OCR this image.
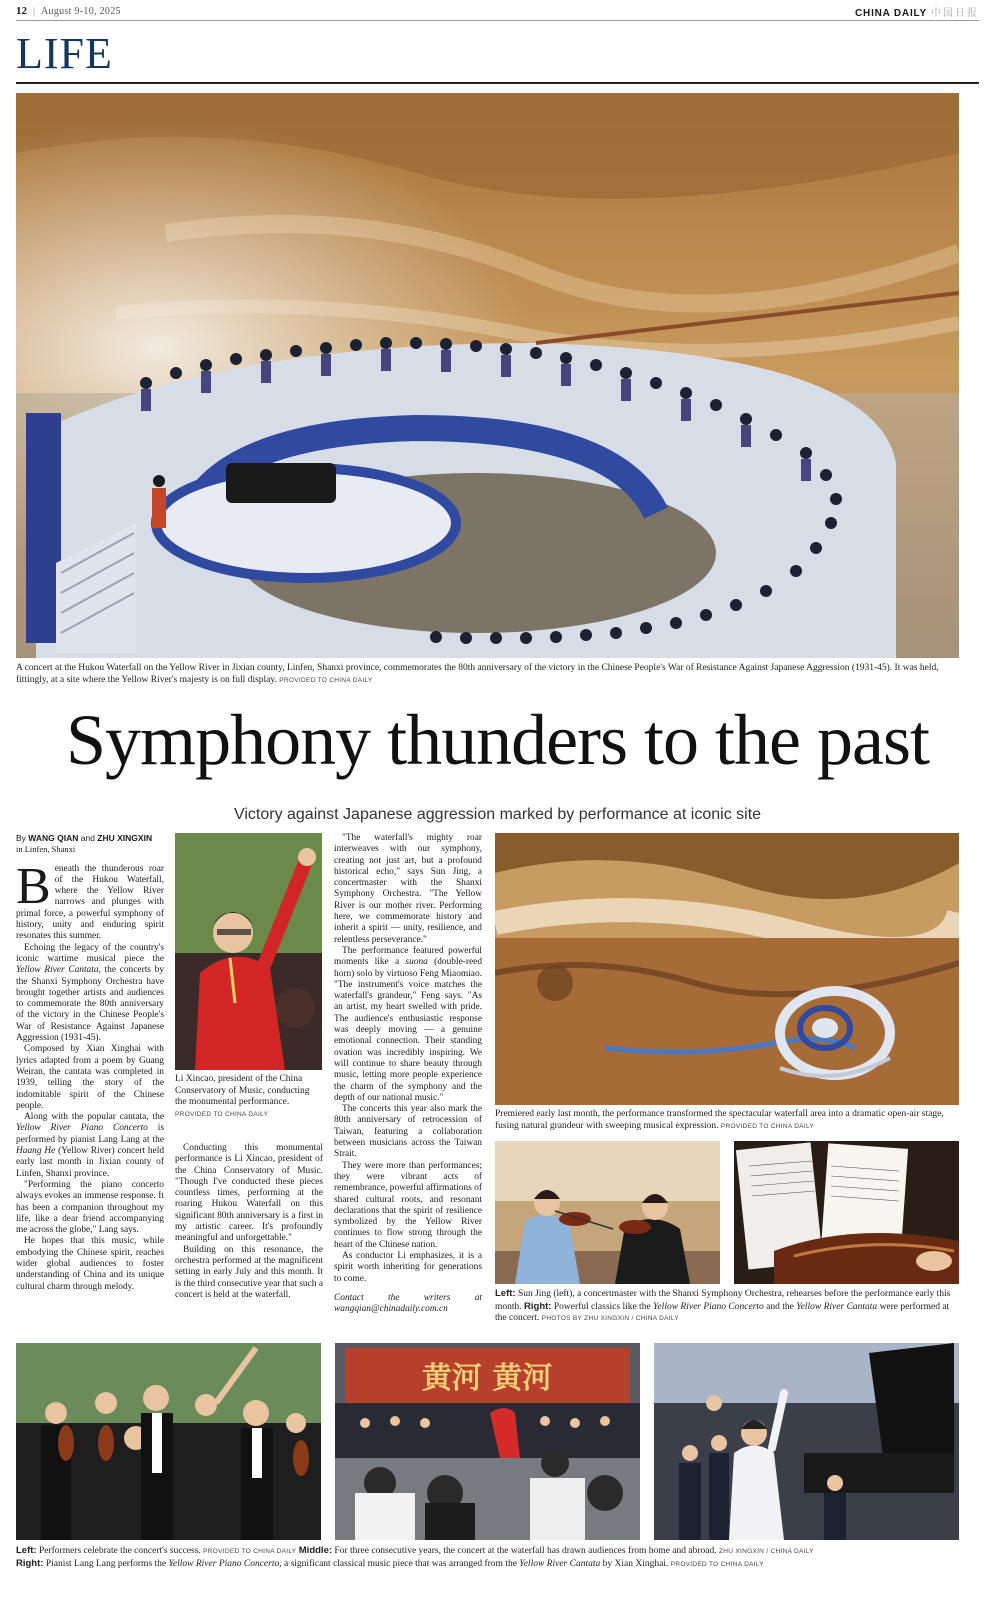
12 | August 9-10, 2025	CHINA DAILY 中国日报
LIFE
A concert at the Hukou Waterfall on the Yellow River in Jixian county, Linfen, Shanxi province, commemorates the 80th anniversary of the victory in the Chinese People's War of Resistance Against Japanese Aggression (1931-45). It was held, fittingly, at a site where the Yellow River's majesty is on full display. PROVIDED TO CHINA DAILY
Symphony thunders to the past
Victory against Japanese aggression marked by performance at iconic site
By WANG QIAN and ZHU XINGXIN
in Linfen, Shanxi

Beneath the thunderous roar of the Hukou Waterfall, where the Yellow River narrows and plunges with primal force, a powerful symphony of history, unity and enduring spirit resonates this summer.

Echoing the legacy of the country's iconic wartime musical piece the Yellow River Cantata, the concerts by the Shanxi Symphony Orchestra have brought together artists and audiences to commemorate the 80th anniversary of the victory in the Chinese People's War of Resistance Against Japanese Aggression (1931-45).

Composed by Xian Xinghai with lyrics adapted from a poem by Guang Weiran, the cantata was completed in 1939, telling the story of the indomitable spirit of the Chinese people.

Along with the popular cantata, the Yellow River Piano Concerto is performed by pianist Lang Lang at the Huang He (Yellow River) concert held early last month in Jixian county of Linfen, Shanxi province.

"Performing the piano concerto always evokes an immense response. It has been a companion throughout my life, like a dear friend accompanying me across the globe," Lang says.

He hopes that this music, while embodying the Chinese spirit, reaches wider global audiences to foster understanding of China and its unique cultural charm through melody.

Li Xincao, president of the China Conservatory of Music, conducting the monumental performance. PROVIDED TO CHINA DAILY

Conducting this monumental performance is Li Xincao, president of the China Conservatory of Music. "Though I've conducted these pieces countless times, performing at the roaring Hukou Waterfall on this significant 80th anniversary is a first in my artistic career. It's profoundly meaningful and unforgettable."

Building on this resonance, the orchestra performed at the magnificent setting in early July and this month. It is the third consecutive year that such a concert is held at the waterfall.

"The waterfall's mighty roar interweaves with our symphony, creating not just art, but a profound historical echo," says Sun Jing, a concertmaster with the Shanxi Symphony Orchestra. "The Yellow River is our mother river. Performing here, we commemorate history and inherit a spirit — unity, resilience, and relentless perseverance."

The performance featured powerful moments like a suona (double-reed horn) solo by virtuoso Feng Miaomiao. "The instrument's voice matches the waterfall's grandeur," Feng says. "As an artist, my heart swelled with pride. The audience's enthusiastic response was deeply moving — a genuine emotional connection. Their standing ovation was incredibly inspiring. We will continue to share beauty through music, letting more people experience the charm of the symphony and the depth of our national music."

The concerts this year also mark the 80th anniversary of retrocession of Taiwan, featuring a collaboration between musicians across the Taiwan Strait.

They were more than performances; they were vibrant acts of remembrance, powerful affirmations of shared cultural roots, and resonant declarations that the spirit of resilience symbolized by the Yellow River continues to flow strong through the heart of the Chinese nation.

As conductor Li emphasizes, it is a spirit worth inheriting for generations to come.

Contact the writers at wangqian@chinadaily.com.cn

Premiered early last month, the performance transformed the spectacular waterfall area into a dramatic open-air stage, fusing natural grandeur with sweeping musical expression. PROVIDED TO CHINA DAILY
Left: Sun Jing (left), a concertmaster with the Shanxi Symphony Orchestra, rehearses before the performance early this month. Right: Powerful classics like the Yellow River Piano Concerto and the Yellow River Cantata were performed at the concert. PHOTOS BY ZHU XINGXIN / CHINA DAILY
黄河 黄河
Left: Performers celebrate the concert's success. PROVIDED TO CHINA DAILY Middle: For three consecutive years, the concert at the waterfall has drawn audiences from home and abroad. ZHU XINGXIN / CHINA DAILY
Right: Pianist Lang Lang performs the Yellow River Piano Concerto, a significant classical music piece that was arranged from the Yellow River Cantata by Xian Xinghai. PROVIDED TO CHINA DAILY
